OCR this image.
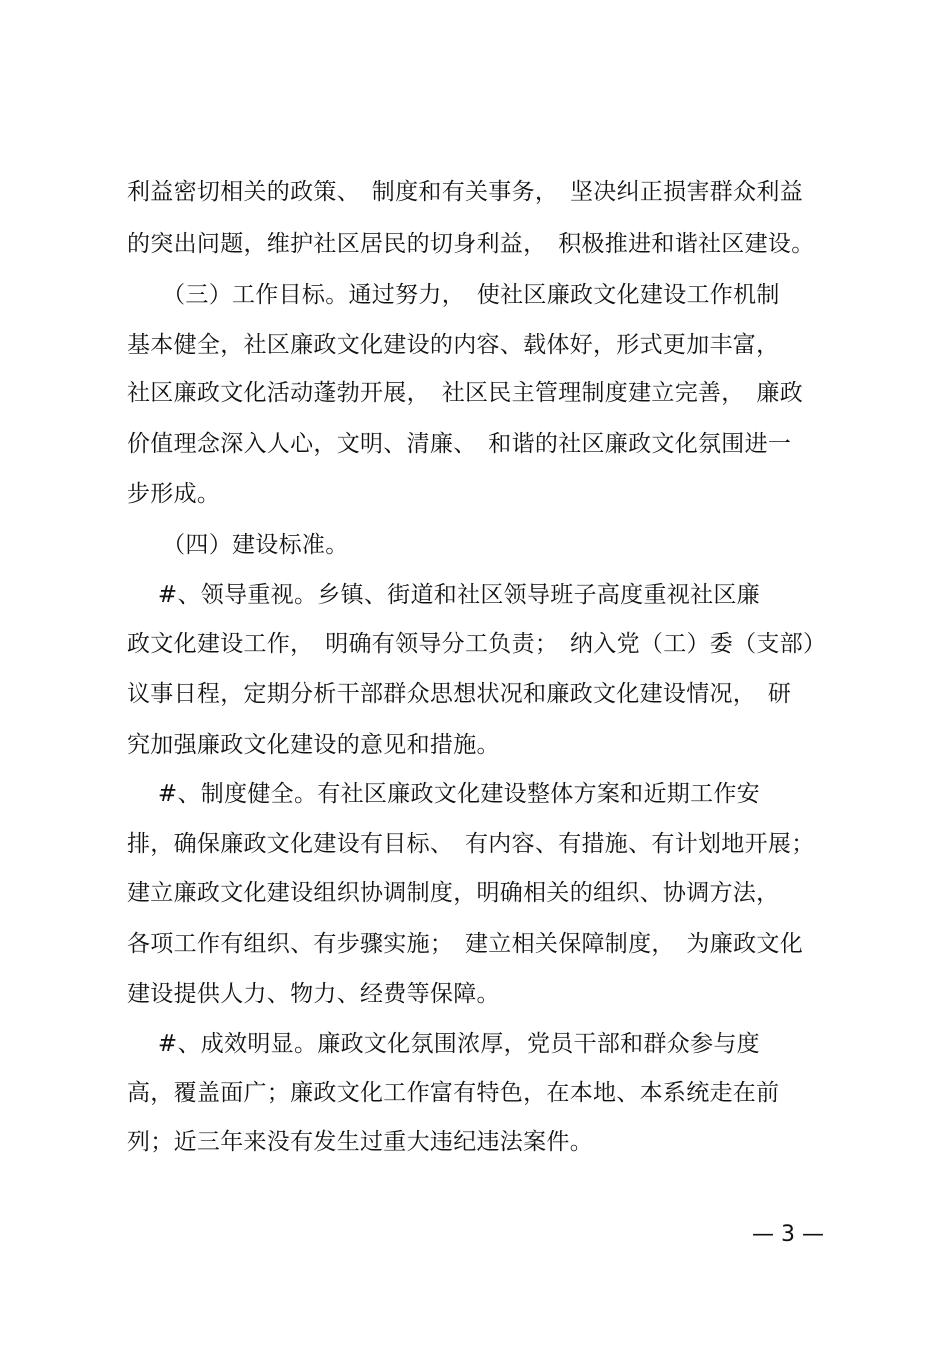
利益密切相关的政策、　制度和有关事务，　坚决纠正损害群众利益
的突出问题，维护社区居民的切身利益，　积极推进和谐社区建设。
　　（三）工作目标。通过努力，　使社区廉政文化建设工作机制
基本健全，社区廉政文化建设的内容、载体好，形式更加丰富，
社区廉政文化活动蓬勃开展，　社区民主管理制度建立完善，　廉政
价值理念深入人心，文明、清廉、　和谐的社区廉政文化氛围进一
步形成。
　　（四）建设标准。
　 #、领导重视。乡镇、街道和社区领导班子高度重视社区廉
政文化建设工作，　明确有领导分工负责；　纳入党（工）委（支部）
议事日程，定期分析干部群众思想状况和廉政文化建设情况，　研
究加强廉政文化建设的意见和措施。
　 #、制度健全。有社区廉政文化建设整体方案和近期工作安
排，确保廉政文化建设有目标、　有内容、有措施、有计划地开展；
建立廉政文化建设组织协调制度，明确相关的组织、协调方法，
各项工作有组织、有步骤实施；　建立相关保障制度，　为廉政文化
建设提供人力、物力、经费等保障。
　 #、成效明显。廉政文化氛围浓厚，党员干部和群众参与度
高，覆盖面广；廉政文化工作富有特色，在本地、本系统走在前
列；近三年来没有发生过重大违纪违法案件。
— 3 —
